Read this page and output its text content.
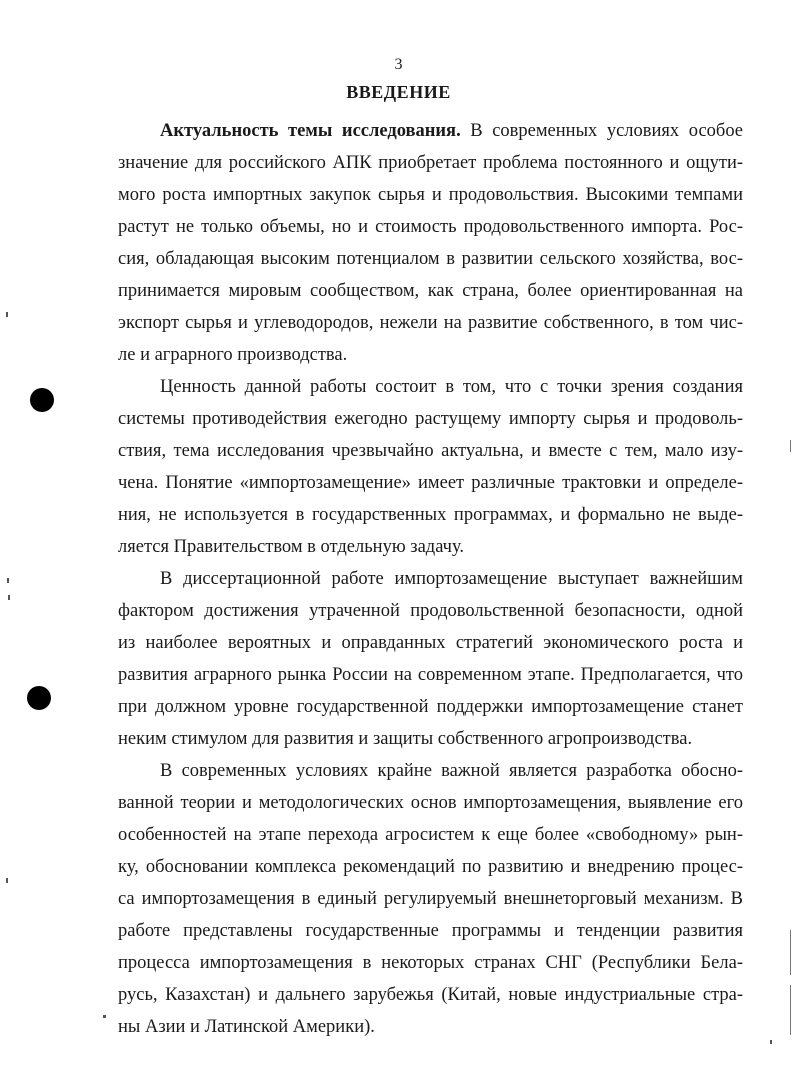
3
ВВЕДЕНИЕ
Актуальность темы исследования. В современных условиях особое
значение для российского АПК приобретает проблема постоянного и ощути-
мого роста импортных закупок сырья и продовольствия. Высокими темпами
растут не только объемы, но и стоимость продовольственного импорта. Рос-
сия, обладающая высоким потенциалом в развитии сельского хозяйства, вос-
принимается мировым сообществом, как страна, более ориентированная на
экспорт сырья и углеводородов, нежели на развитие собственного, в том чис-
ле и аграрного производства.
Ценность данной работы состоит в том, что с точки зрения создания
системы противодействия ежегодно растущему импорту сырья и продоволь-
ствия, тема исследования чрезвычайно актуальна, и вместе с тем, мало изу-
чена. Понятие «импортозамещение» имеет различные трактовки и определе-
ния, не используется в государственных программах, и формально не выде-
ляется Правительством в отдельную задачу.
В диссертационной работе импортозамещение выступает важнейшим
фактором достижения утраченной продовольственной безопасности, одной
из наиболее вероятных и оправданных стратегий экономического роста и
развития аграрного рынка России на современном этапе. Предполагается, что
при должном уровне государственной поддержки импортозамещение станет
неким стимулом для развития и защиты собственного агропроизводства.
В современных условиях крайне важной является разработка обосно-
ванной теории и методологических основ импортозамещения, выявление его
особенностей на этапе перехода агросистем к еще более «свободному» рын-
ку, обосновании комплекса рекомендаций по развитию и внедрению процес-
са импортозамещения в единый регулируемый внешнеторговый механизм. В
работе представлены государственные программы и тенденции развития
процесса импортозамещения в некоторых странах СНГ (Республики Бела-
русь, Казахстан) и дальнего зарубежья (Китай, новые индустриальные стра-
ны Азии и Латинской Америки).
